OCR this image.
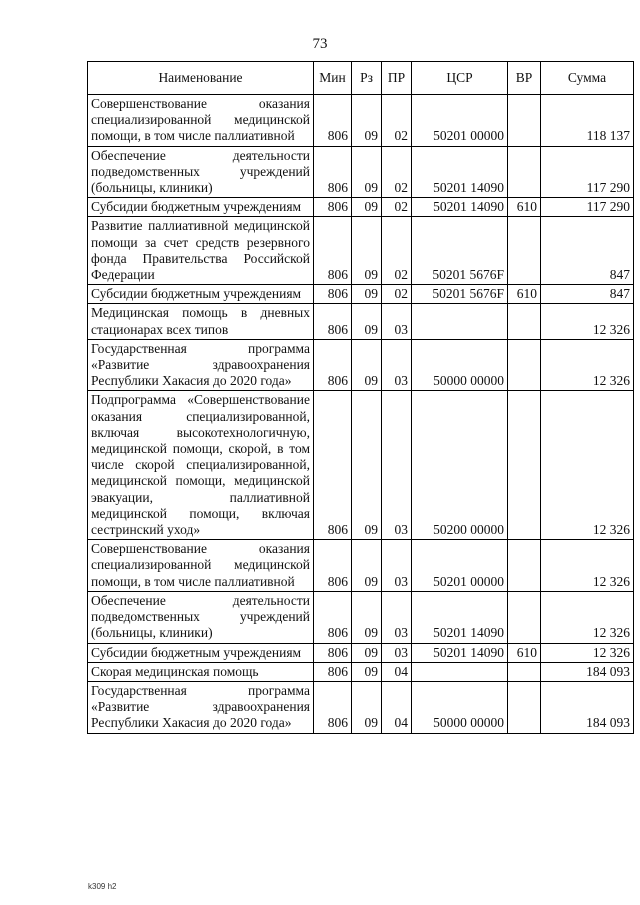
73
Наименование	Мин	Рз	ПР	ЦСР	ВР	Сумма
Совершенствование оказания специализированной медицинской помощи, в том числе паллиативной	806	09	02	50201 00000		118 137
Обеспечение деятельности подведомственных учреждений (больницы, клиники)	806	09	02	50201 14090		117 290
Субсидии бюджетным учреждениям	806	09	02	50201 14090	610	117 290
Развитие паллиативной медицинской помощи за счет средств резервного фонда Правительства Российской Федерации	806	09	02	50201 5676F		847
Субсидии бюджетным учреждениям	806	09	02	50201 5676F	610	847
Медицинская помощь в дневных стационарах всех типов	806	09	03			12 326
Государственная программа «Развитие здравоохранения Республики Хакасия до 2020 года»	806	09	03	50000 00000		12 326
Подпрограмма «Совершенствование оказания специализированной, включая высокотехнологичную, медицинской помощи, скорой, в том числе скорой специализированной, медицинской помощи, медицинской эвакуации, паллиативной медицинской помощи, включая сестринский уход»	806	09	03	50200 00000		12 326
Совершенствование оказания специализированной медицинской помощи, в том числе паллиативной	806	09	03	50201 00000		12 326
Обеспечение деятельности подведомственных учреждений (больницы, клиники)	806	09	03	50201 14090		12 326
Субсидии бюджетным учреждениям	806	09	03	50201 14090	610	12 326
Скорая медицинская помощь	806	09	04			184 093
Государственная программа «Развитие здравоохранения Республики Хакасия до 2020 года»	806	09	04	50000 00000		184 093
k309 h2
